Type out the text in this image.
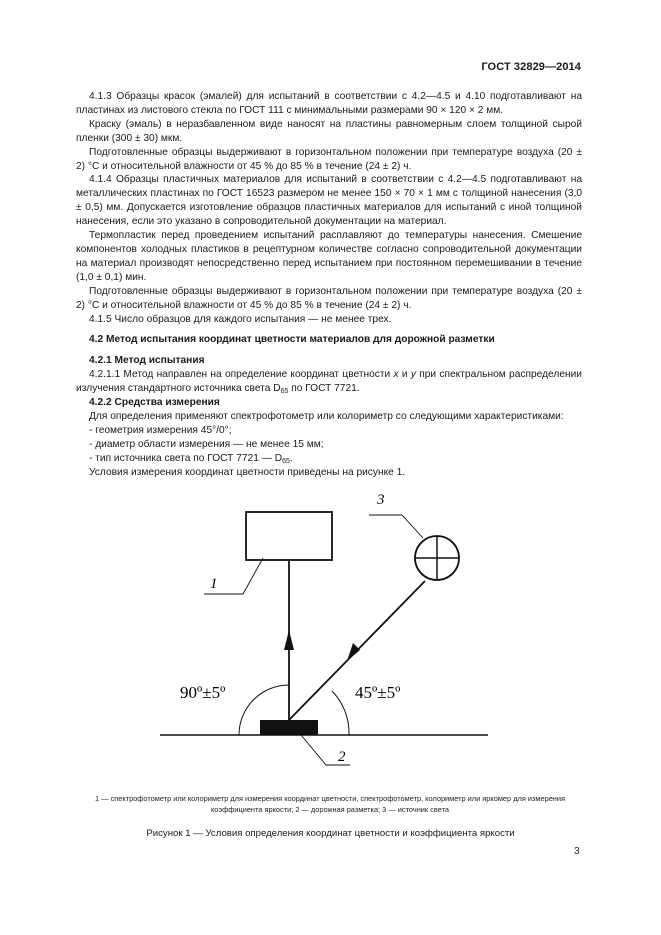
ГОСТ 32829—2014

4.1.3 Образцы красок (эмалей) для испытаний в соответствии с 4.2—4.5 и 4.10 подготавливают на пластинах из листового стекла по ГОСТ 111 с минимальными размерами 90 × 120 × 2 мм.

Краску (эмаль) в неразбавленном виде наносят на пластины равномерным слоем толщиной сырой пленки (300 ± 30) мкм.

Подготовленные образцы выдерживают в горизонтальном положении при температуре воздуха (20 ± 2) °С и относительной влажности от 45 % до 85 % в течение (24 ± 2) ч.

4.1.4 Образцы пластичных материалов для испытаний в соответствии с 4.2—4.5 подготавливают на металлических пластинах по ГОСТ 16523 размером не менее 150 × 70 × 1 мм с толщиной нанесения (3,0 ± 0,5) мм. Допускается изготовление образцов пластичных материалов для испытаний с иной толщиной нанесения, если это указано в сопроводительной документации на материал.

Термопластик перед проведением испытаний расплавляют до температуры нанесения. Смешение компонентов холодных пластиков в рецептурном количестве согласно сопроводительной документации на материал производят непосредственно перед испытанием при постоянном перемешивании в течение (1,0 ± 0,1) мин.

Подготовленные образцы выдерживают в горизонтальном положении при температуре воздуха (20 ± 2) °С и относительной влажности от 45 % до 85 % в течение (24 ± 2) ч.

4.1.5 Число образцов для каждого испытания — не менее трех.

4.2 Метод испытания координат цветности материалов для дорожной разметки

4.2.1 Метод испытания

4.2.1.1 Метод направлен на определение координат цветности x и y при спектральном распределении излучения стандартного источника света $D_{65}$ по ГОСТ 7721.

4.2.2 Средства измерения

Для определения применяют спектрофотометр или колориметр со следующими характеристиками:

- геометрия измерения 45°/0°;

- диаметр области измерения — не менее 15 мм;

- тип источника света по ГОСТ 7721 — $D_{65}$.

Условия измерения координат цветности приведены на рисунке 1.

1
2
3
90º±5º	45º±5º
1 — спектрофотометр или колориметр для измерения координат цветности, спектрофотометр, колориметр или яркомер для измерения коэффициента яркости; 2 — дорожная разметка; 3 — источник света
Рисунок 1 — Условия определения координат цветности и коэффициента яркости
3
